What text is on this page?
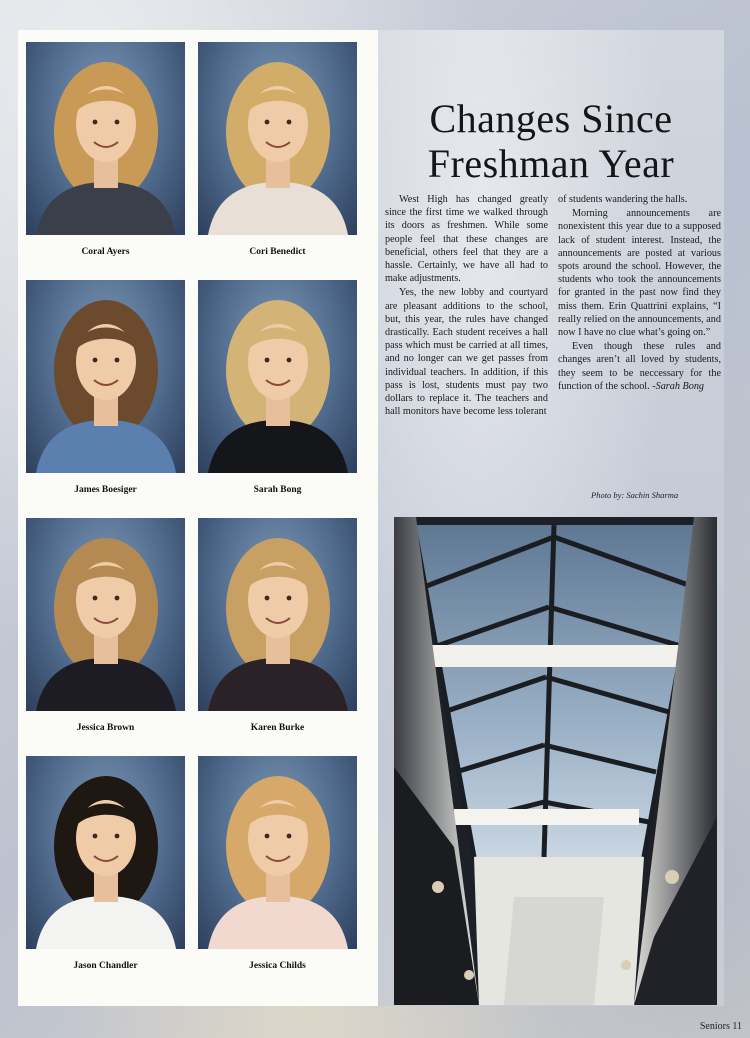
Coral Ayers	Cori Benedict
James Boesiger	Sarah Bong
Jessica Brown	Karen Burke
Jason Chandler	Jessica Childs
Changes Since
Freshman Year

West High has changed greatly since the first time we walked through its doors as freshmen. While some people feel that these changes are beneficial, others feel that they are a hassle. Certainly, we have all had to make adjustments.

Yes, the new lobby and courtyard are pleasant additions to the school, but, this year, the rules have changed drastically. Each student receives a hall pass which must be carried at all times, and no longer can we get passes from individual teachers. In addition, if this pass is lost, students must pay two dollars to replace it. The teachers and hall monitors have become less tolerant

of students wandering the halls.

Morning announcements are nonexistent this year due to a supposed lack of student interest. Instead, the announcements are posted at various spots around the school. However, the students who took the announcements for granted in the past now find they miss them. Erin Quattrini explains, “I really relied on the announcements, and now I have no clue what’s going on.”

Even though these rules and changes aren’t all loved by students, they seem to be neccessary for the function of the school. -Sarah Bong

Photo by: Sachin Sharma
Seniors 11
